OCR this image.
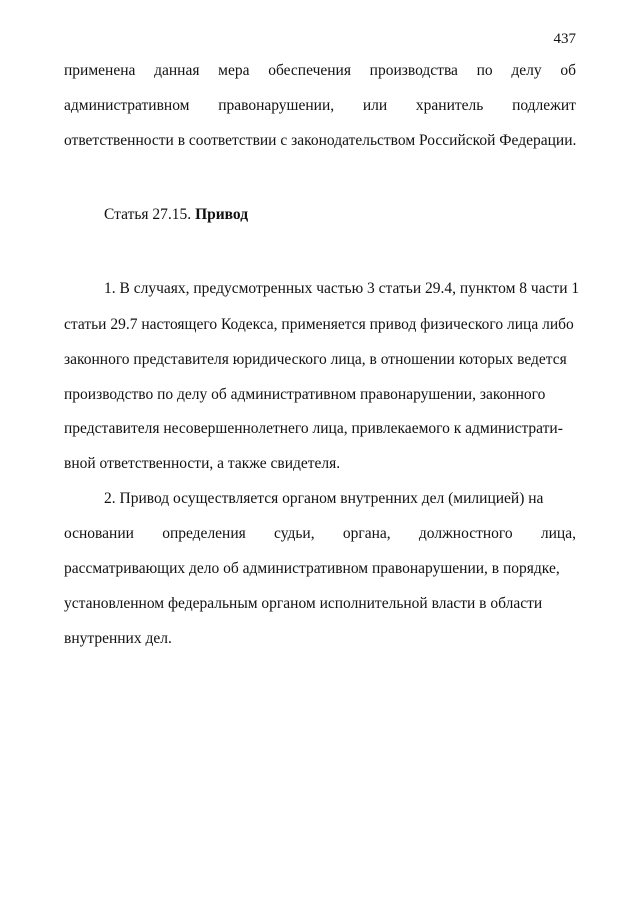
437
применена данная мера обеспечения производства по делу об
административном правонарушении, или хранитель подлежит
ответственности в соответствии с законодательством Российской Федерации.
Статья 27.15. Привод
1. В случаях, предусмотренных частью 3 статьи 29.4, пунктом 8 части 1
статьи 29.7 настоящего Кодекса, применяется привод физического лица либо
законного представителя юридического лица, в отношении которых ведется
производство по делу об административном правонарушении, законного
представителя несовершеннолетнего лица, привлекаемого к администрати-
вной ответственности, а также свидетеля.
2. Привод осуществляется органом внутренних дел (милицией) на
основании определения судьи, органа, должностного лица,
рассматривающих дело об административном правонарушении, в порядке,
установленном федеральным органом исполнительной власти в области
внутренних дел.
